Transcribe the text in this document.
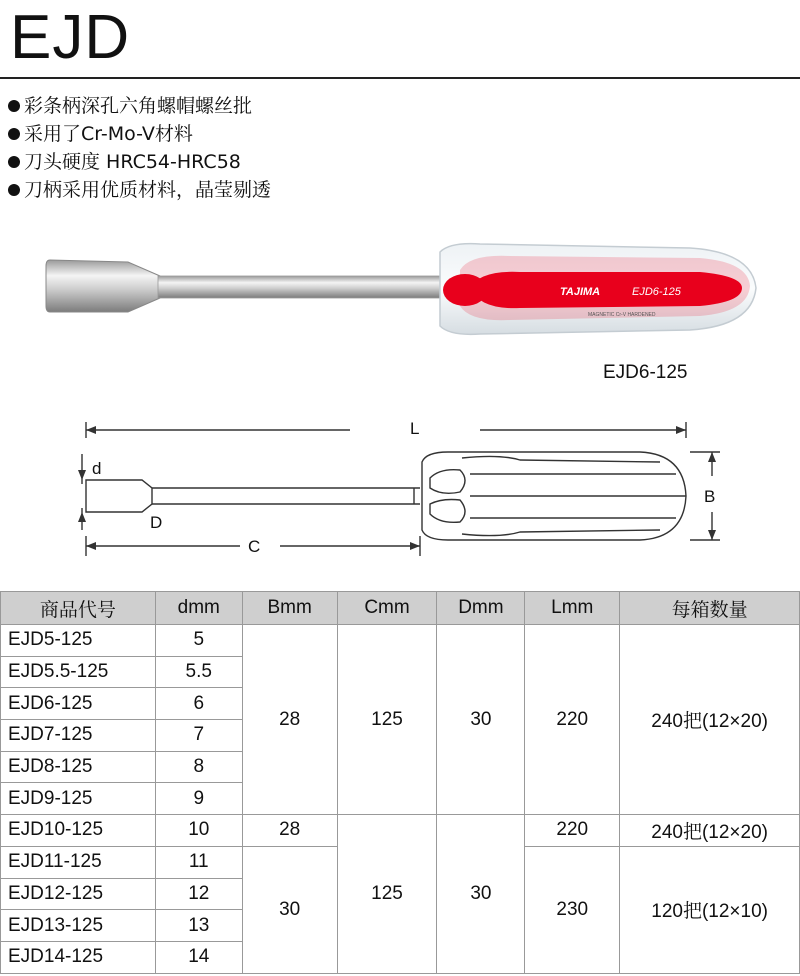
EJD
彩条柄深孔六角螺帽螺丝批
采用了Cr-Mo-V材料
刀头硬度 HRC54-HRC58
刀柄采用优质材料，晶莹剔透
TAJIMA	EJD6-125
MAGNETIC Cr-V HARDENED
EJD6-125
L
B
d
D
C
商品代号	dmm	Bmm	Cmm	Dmm	Lmm	每箱数量
EJD5-125	5	28	125	30	220	240把(12×20)
EJD5.5-125	5.5					
EJD6-125	6					
EJD7-125	7					
EJD8-125	8					
EJD9-125	9					
EJD10-125	10	28	125	30	220	240把(12×20)
EJD11-125	11	30			230	120把(12×10)
EJD12-125	12					
EJD13-125	13					
EJD14-125	14					
